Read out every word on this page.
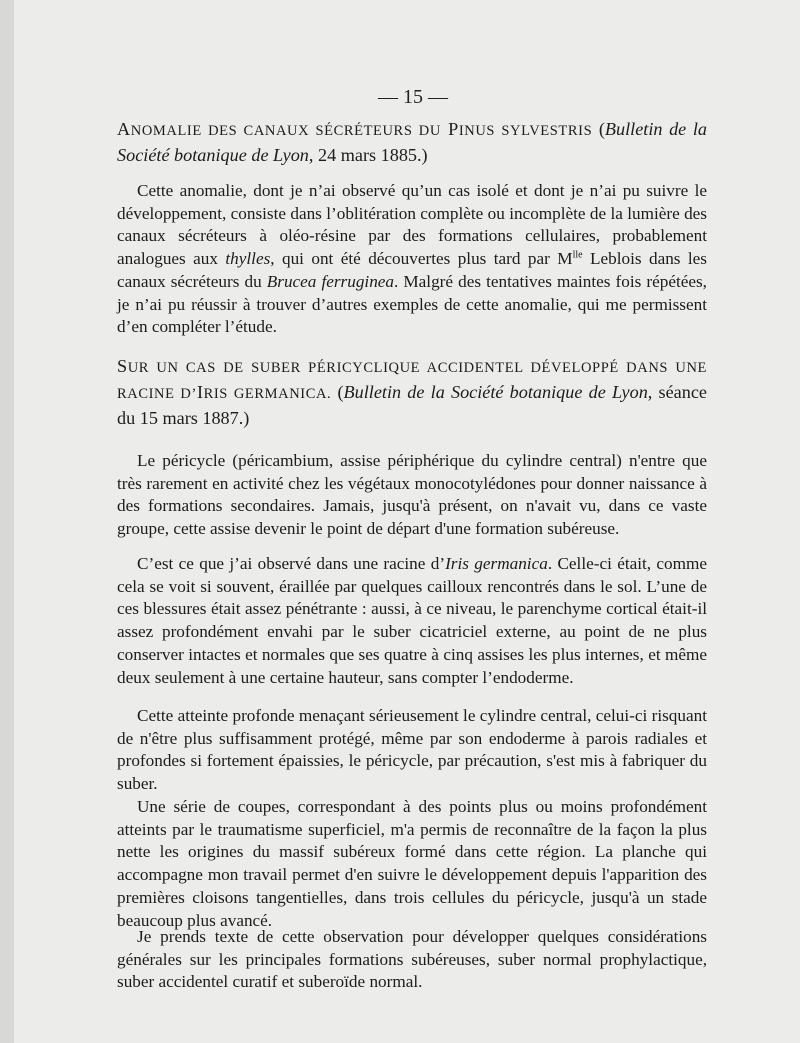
— 15 —
ANOMALIE DES CANAUX SÉCRÉTEURS DU PINUS SYLVESTRIS (Bulletin de la Société botanique de Lyon, 24 mars 1885.)
Cette anomalie, dont je n’ai observé qu’un cas isolé et dont je n’ai pu suivre le développement, consiste dans l’oblitération complète ou incomplète de la lumière des canaux sécréteurs à oléo-résine par des formations cellulaires, probablement analogues aux thylles, qui ont été découvertes plus tard par $M^{lle}$ Leblois dans les canaux sécréteurs du Brucea ferruginea. Malgré des tentatives maintes fois répétées, je n’ai pu réussir à trouver d’autres exemples de cette anomalie, qui me permissent d’en compléter l’étude.
SUR UN CAS DE SUBER PÉRICYCLIQUE ACCIDENTEL DÉVELOPPÉ DANS UNE RACINE D’IRIS GERMANICA. (Bulletin de la Société botanique de Lyon, séance du 15 mars 1887.)
Le péricycle (péricambium, assise périphérique du cylindre central) n'entre que très rarement en activité chez les végétaux monocotylédones pour donner naissance à des formations secondaires. Jamais, jusqu'à présent, on n'avait vu, dans ce vaste groupe, cette assise devenir le point de départ d'une formation subéreuse.
C’est ce que j’ai observé dans une racine d’Iris germanica. Celle-ci était, comme cela se voit si souvent, éraillée par quelques cailloux rencontrés dans le sol. L’une de ces blessures était assez pénétrante : aussi, à ce niveau, le parenchyme cortical était-il assez profondément envahi par le suber cicatriciel externe, au point de ne plus conserver intactes et normales que ses quatre à cinq assises les plus internes, et même deux seulement à une certaine hauteur, sans compter l’endoderme.
Cette atteinte profonde menaçant sérieusement le cylindre central, celui-ci risquant de n'être plus suffisamment protégé, même par son endoderme à parois radiales et profondes si fortement épaissies, le péricycle, par précaution, s'est mis à fabriquer du suber.
Une série de coupes, correspondant à des points plus ou moins profondément atteints par le traumatisme superficiel, m'a permis de reconnaître de la façon la plus nette les origines du massif subéreux formé dans cette région. La planche qui accompagne mon travail permet d'en suivre le développement depuis l'apparition des premières cloisons tangentielles, dans trois cellules du péricycle, jusqu'à un stade beaucoup plus avancé.
Je prends texte de cette observation pour développer quelques considérations générales sur les principales formations subéreuses, suber normal prophylactique, suber accidentel curatif et suberoïde normal.
